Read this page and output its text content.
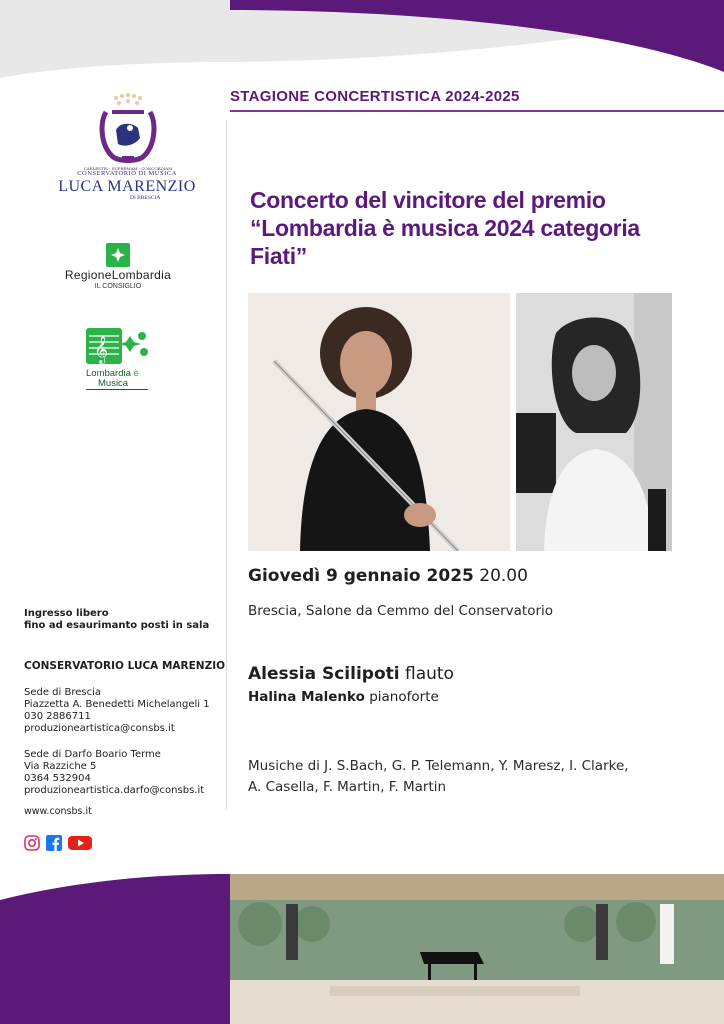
STAGIONE CONCERTISTICA 2024-2025
CAELESTIS · SUPREMAM · CONCORDIAM
CONSERVATORIO DI MUSICA
LUCA MARENZIO
DI BRESCIA
RegioneLombardia
IL CONSIGLIO
𝄞
Lombardia è
Musica
Concerto del vincitore del premio “Lombardia è musica 2024 categoria Fiati”
Giovedì 9 gennaio 2025 20.00
Brescia, Salone da Cemmo del Conservatorio
Alessia Scilipoti flauto
Halina Malenko pianoforte
Musiche di J. S.Bach, G. P. Telemann, Y. Maresz, I. Clarke,
A. Casella, F. Martin, F. Martin
Ingresso libero
fino ad esaurimanto posti in sala
CONSERVATORIO LUCA MARENZIO
Sede di Brescia
Piazzetta A. Benedetti Michelangeli 1
030 2886711
produzioneartistica@consbs.it
Sede di Darfo Boario Terme
Via Razziche 5
0364 532904
produzioneartistica.darfo@consbs.it
www.consbs.it
